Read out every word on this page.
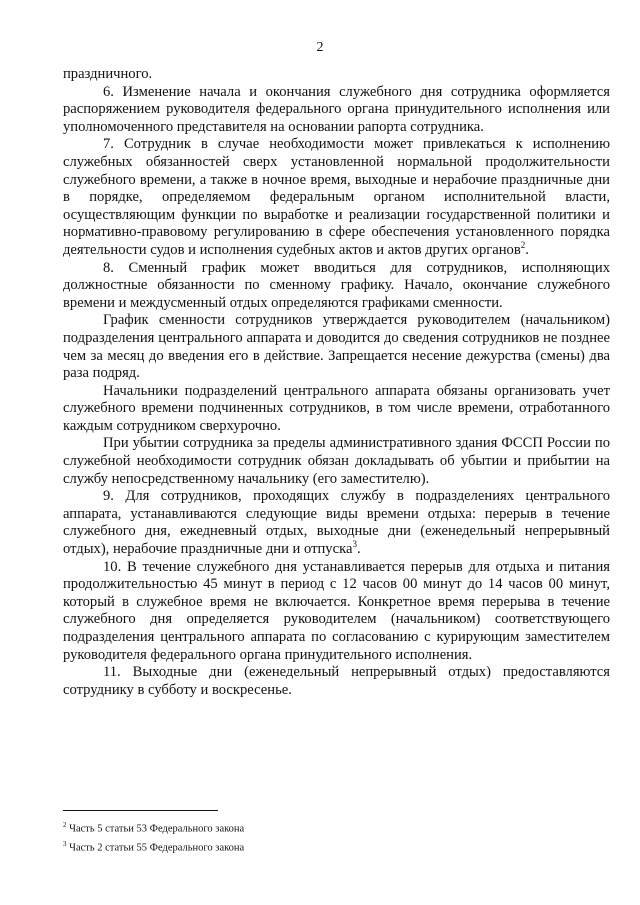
2

праздничного.

6. Изменение начала и окончания служебного дня сотрудника оформляется распоряжением руководителя федерального органа принудительного исполнения или уполномоченного представителя на основании рапорта сотрудника.

7. Сотрудник в случае необходимости может привлекаться к исполнению служебных обязанностей сверх установленной нормальной продолжительности служебного времени, а также в ночное время, выходные и нерабочие праздничные дни в порядке, определяемом федеральным органом исполнительной власти, осуществляющим функции по выработке и реализации государственной политики и нормативно-правовому регулированию в сфере обеспечения установленного порядка деятельности судов и исполнения судебных актов и актов других органов$^2$.

8. Сменный график может вводиться для сотрудников, исполняющих должностные обязанности по сменному графику. Начало, окончание служебного времени и междусменный отдых определяются графиками сменности.

График сменности сотрудников утверждается руководителем (начальником) подразделения центрального аппарата и доводится до сведения сотрудников не позднее чем за месяц до введения его в действие. Запрещается несение дежурства (смены) два раза подряд.

Начальники подразделений центрального аппарата обязаны организовать учет служебного времени подчиненных сотрудников, в том числе времени, отработанного каждым сотрудником сверхурочно.

При убытии сотрудника за пределы административного здания ФССП России по служебной необходимости сотрудник обязан докладывать об убытии и прибытии на службу непосредственному начальнику (его заместителю).

9. Для сотрудников, проходящих службу в подразделениях центрального аппарата, устанавливаются следующие виды времени отдыха: перерыв в течение служебного дня, ежедневный отдых, выходные дни (еженедельный непрерывный отдых), нерабочие праздничные дни и отпуска$^3$.

10. В течение служебного дня устанавливается перерыв для отдыха и питания продолжительностью 45 минут в период с 12 часов 00 минут до 14 часов 00 минут, который в служебное время не включается. Конкретное время перерыва в течение служебного дня определяется руководителем (начальником) соответствующего подразделения центрального аппарата по согласованию с курирующим заместителем руководителя федерального органа принудительного исполнения.

11. Выходные дни (еженедельный непрерывный отдых) предоставляются сотруднику в субботу и воскресенье.

$^2$ Часть 5 статьи 53 Федерального закона
$^3$ Часть 2 статьи 55 Федерального закона
